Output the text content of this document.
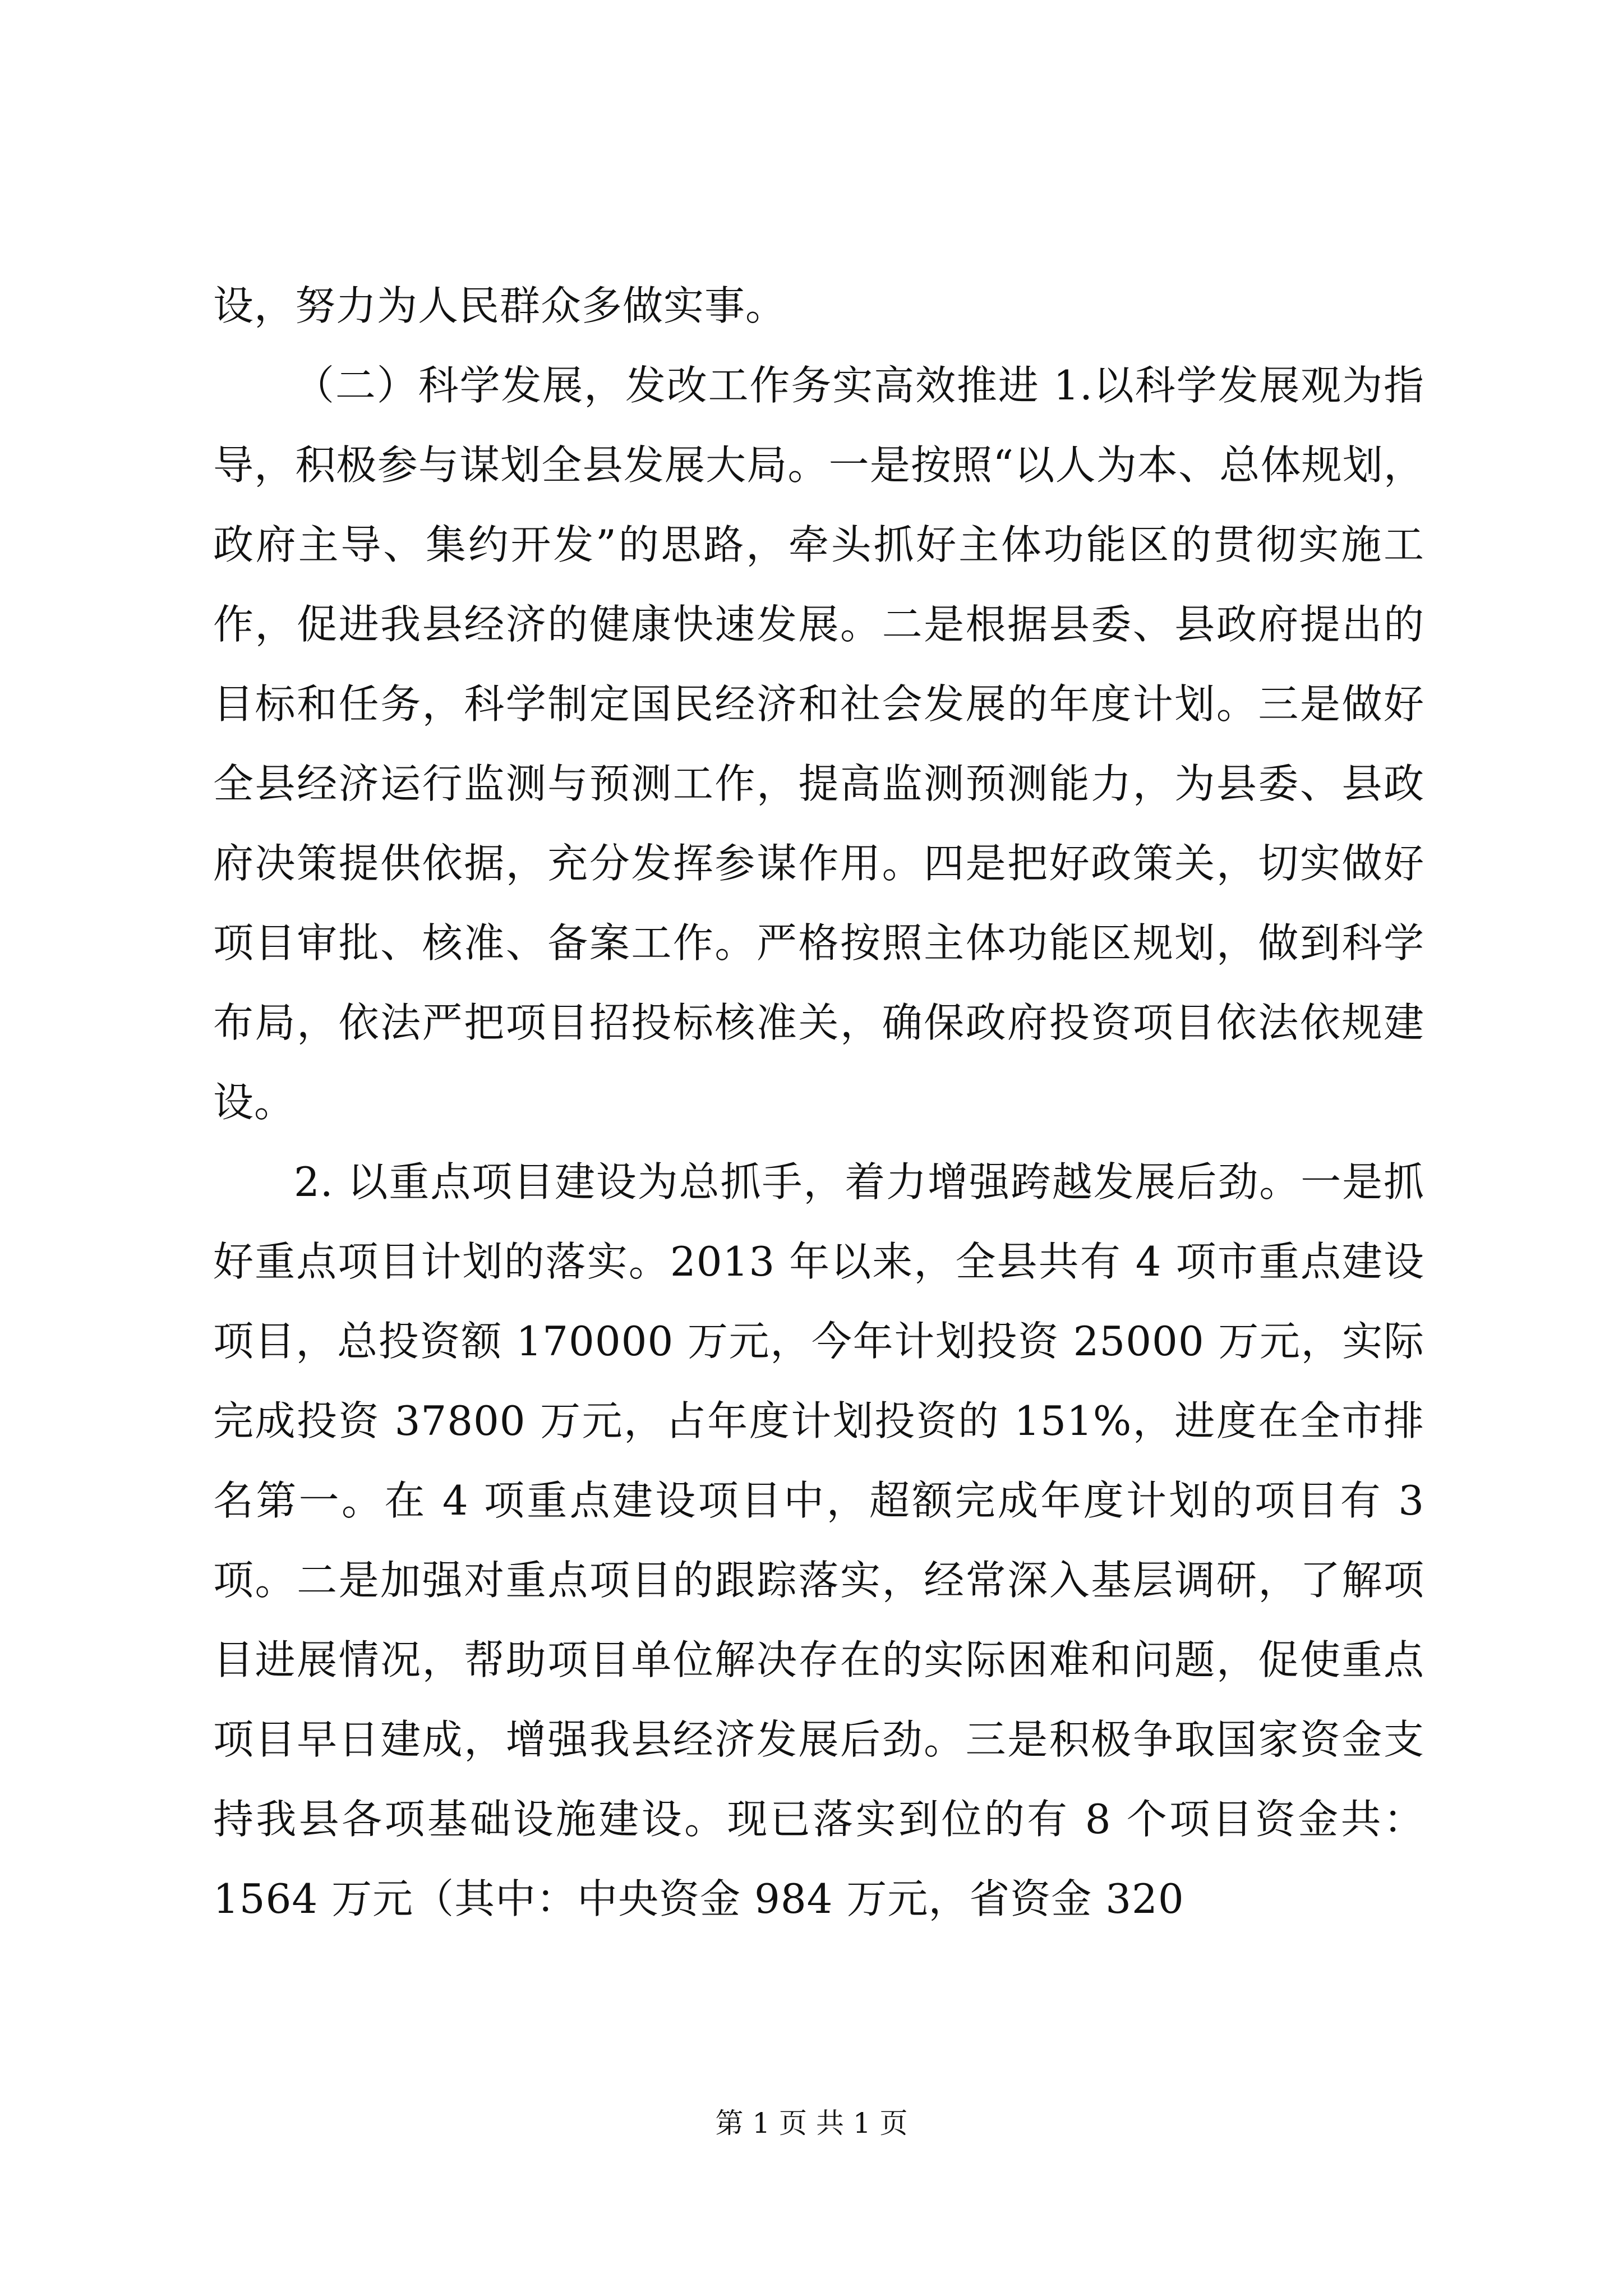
设，努力为人民群众多做实事。

（二）科学发展，发改工作务实高效推进 1.以科学发展观为指导，积极参与谋划全县发展大局。一是按照“以人为本、总体规划，政府主导、集约开发”的思路，牵头抓好主体功能区的贯彻实施工作，促进我县经济的健康快速发展。二是根据县委、县政府提出的目标和任务，科学制定国民经济和社会发展的年度计划。三是做好全县经济运行监测与预测工作，提高监测预测能力，为县委、县政府决策提供依据，充分发挥参谋作用。四是把好政策关，切实做好项目审批、核准、备案工作。严格按照主体功能区规划，做到科学布局，依法严把项目招投标核准关，确保政府投资项目依法依规建设。

2. 以重点项目建设为总抓手，着力增强跨越发展后劲。一是抓好重点项目计划的落实。2013 年以来，全县共有 4 项市重点建设项目，总投资额 170000 万元，今年计划投资 25000 万元，实际完成投资 37800 万元，占年度计划投资的 151%，进度在全市排名第一。在 4 项重点建设项目中，超额完成年度计划的项目有 3 项。二是加强对重点项目的跟踪落实，经常深入基层调研，了解项目进展情况，帮助项目单位解决存在的实际困难和问题，促使重点项目早日建成，增强我县经济发展后劲。三是积极争取国家资金支持我县各项基础设施建设。现已落实到位的有 8 个项目资金共：1564 万元（其中：中央资金 984 万元，省资金 320

第 1 页 共 1 页
